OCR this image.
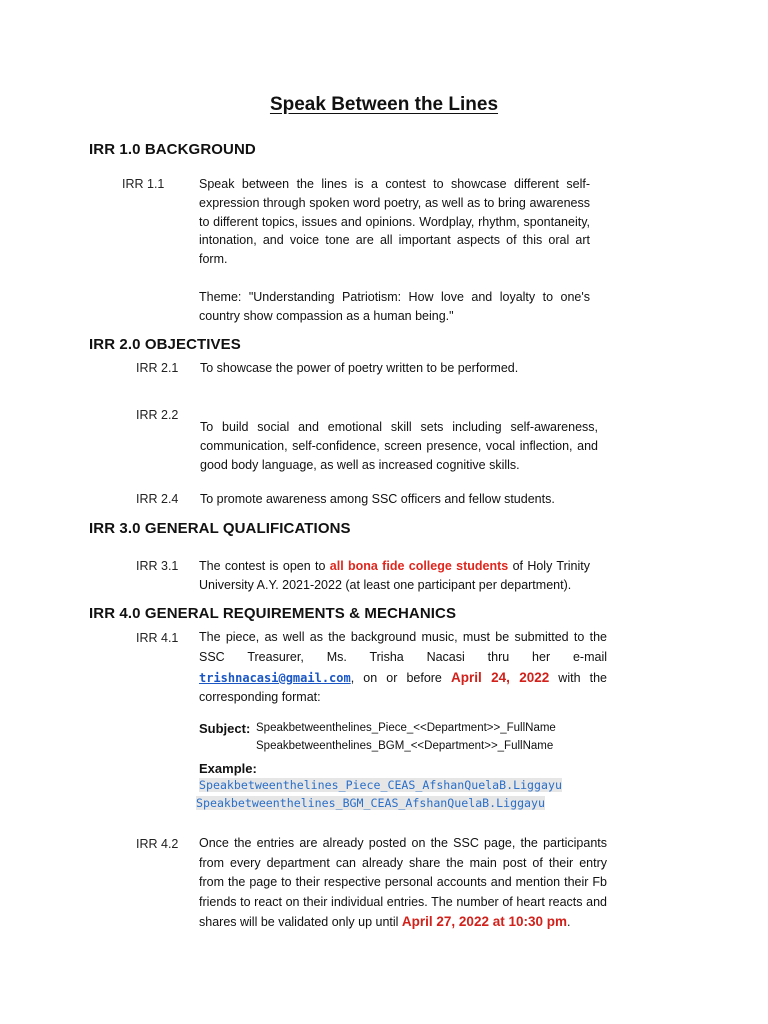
Speak Between the Lines
IRR 1.0 BACKGROUND
IRR 1.1	Speak between the lines is a contest to showcase different self-expression through spoken word poetry, as well as to bring awareness to different topics, issues and opinions. Wordplay, rhythm, spontaneity, intonation, and voice tone are all important aspects of this oral art form.
Theme: "Understanding Patriotism: How love and loyalty to one's country show compassion as a human being."
IRR 2.0 OBJECTIVES
IRR 2.1 To showcase the power of poetry written to be performed.
IRR 2.2
To build social and emotional skill sets including self-awareness, communication, self-confidence, screen presence, vocal inflection, and good body language, as well as increased cognitive skills.
IRR 2.4 To promote awareness among SSC officers and fellow students.
IRR 3.0 GENERAL QUALIFICATIONS
IRR 3.1 The contest is open to all bona fide college students of Holy Trinity University A.Y. 2021-2022 (at least one participant per department).
IRR 4.0 GENERAL REQUIREMENTS & MECHANICS
IRR 4.1 The piece, as well as the background music, must be submitted to the SSC Treasurer, Ms. Trisha Nacasi thru her e-mail trishnacasi@gmail.com, on or before April 24, 2022 with the corresponding format:
Subject: Speakbetweenthelines_Piece_<<Department>>_FullName
Speakbetweenthelines_BGM_<<Department>>_FullName
Example:
Speakbetweenthelines_Piece_CEAS_AfshanQuelaB.Liggayu
Speakbetweenthelines_BGM_CEAS_AfshanQuelaB.Liggayu
IRR 4.2 Once the entries are already posted on the SSC page, the participants from every department can already share the main post of their entry from the page to their respective personal accounts and mention their Fb friends to react on their individual entries. The number of heart reacts and shares will be validated only up until April 27, 2022 at 10:30 pm.
